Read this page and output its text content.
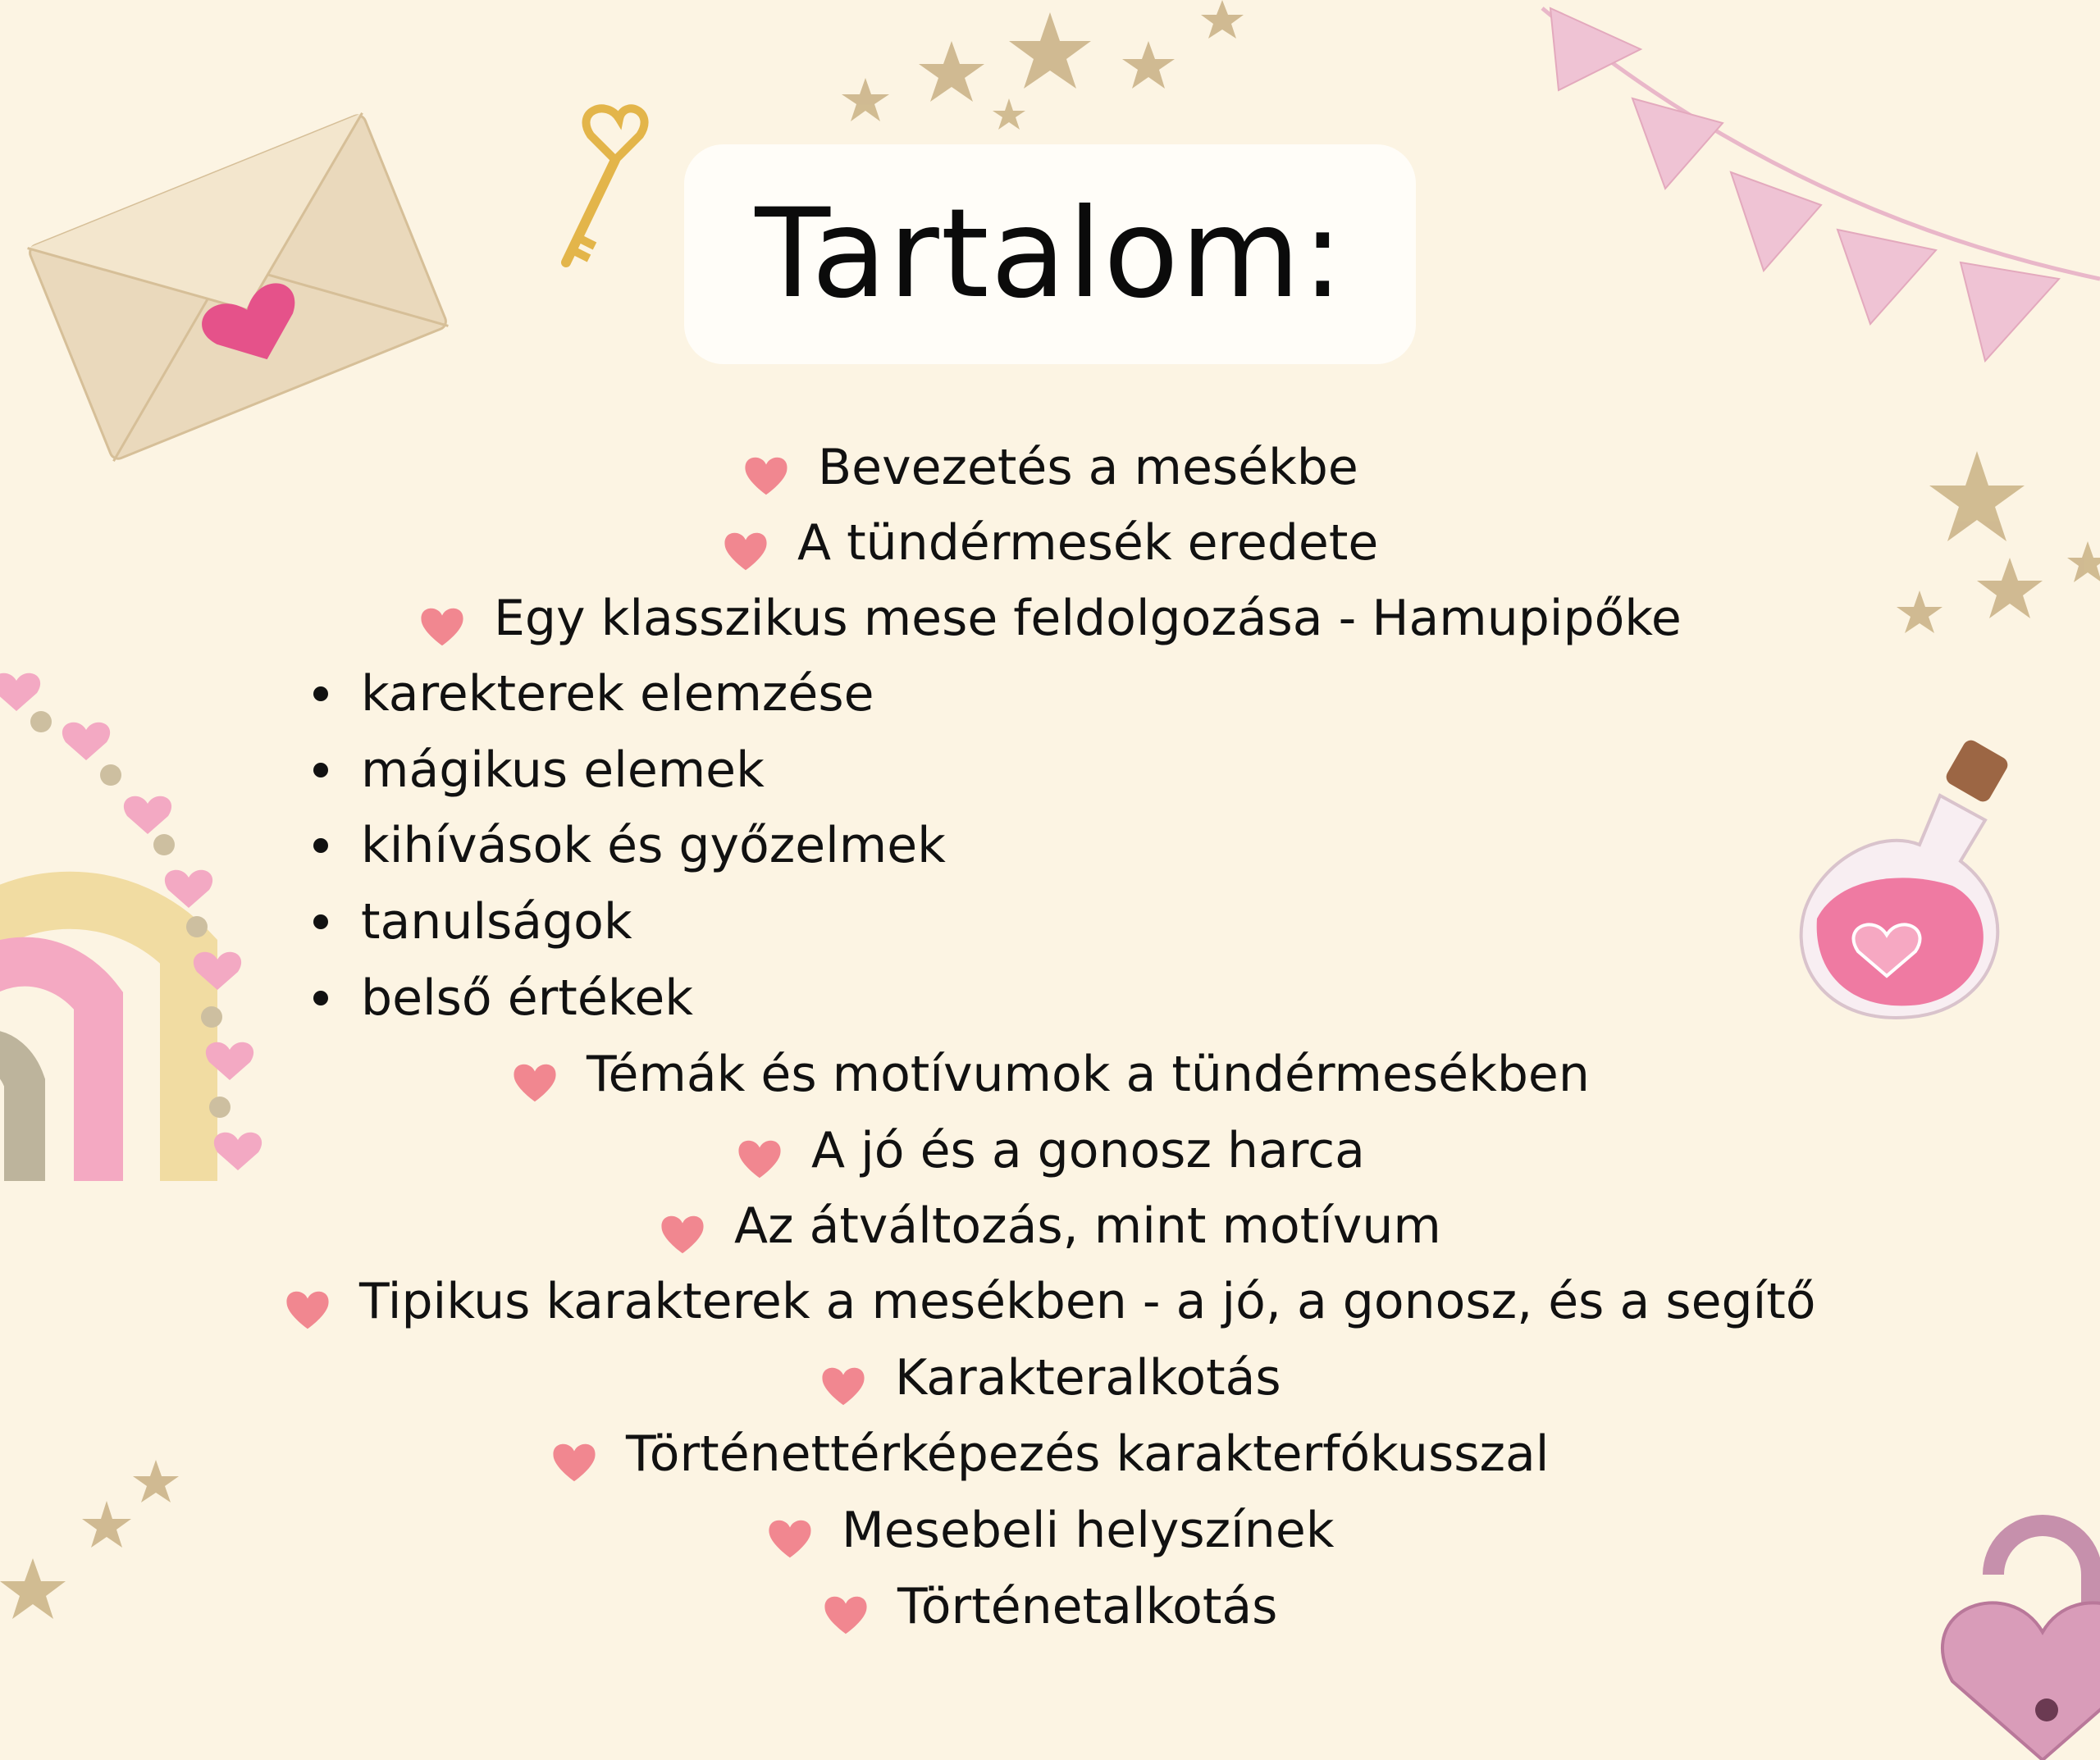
Tartalom:
Bevezetés a mesékbe
A tündérmesék eredete
Egy klasszikus mese feldolgozása - Hamupipőke
Témák és motívumok a tündérmesékben
A jó és a gonosz harca
Az átváltozás, mint motívum
Tipikus karakterek a mesékben - a jó, a gonosz, és a segítő
Karakteralkotás
Történettérképezés karakterfókusszal
Mesebeli helyszínek
Történetalkotás
karekterek elemzése
mágikus elemek
kihívások és győzelmek
tanulságok
belső értékek
